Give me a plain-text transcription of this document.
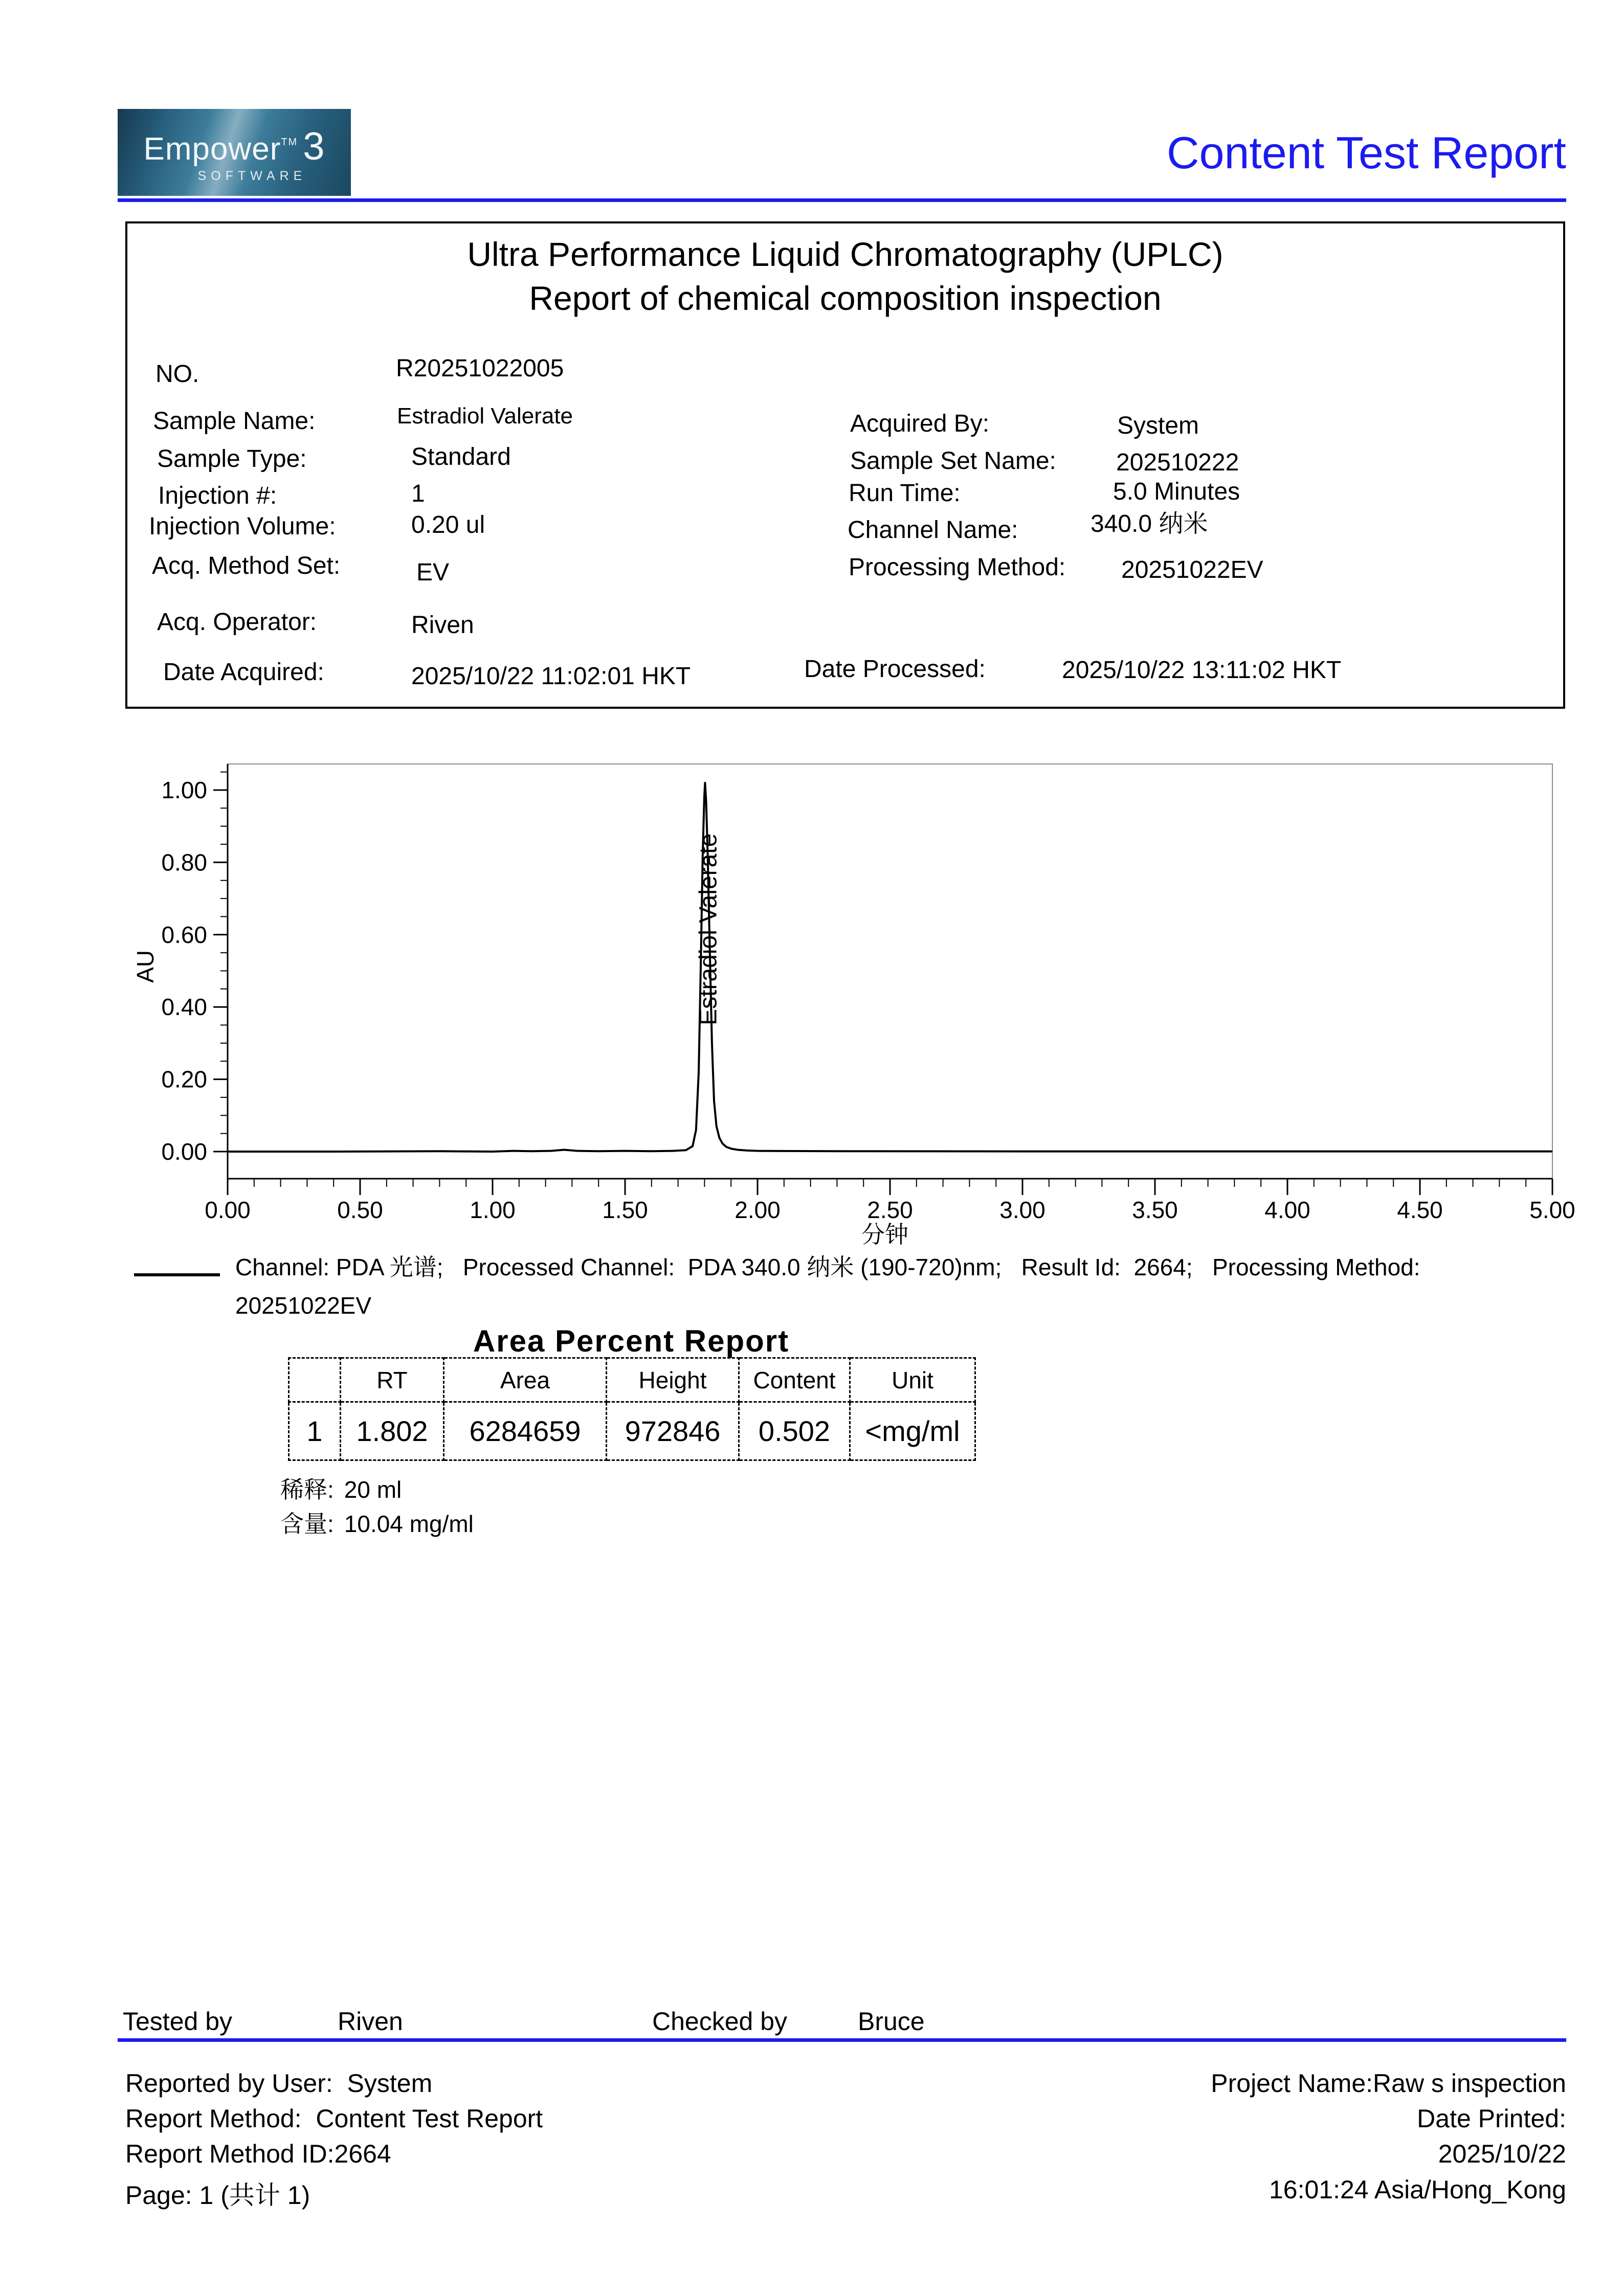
Empower™ 3
SOFTWARE	Content Test Report
Ultra Performance Liquid Chromatography (UPLC)
Report of chemical composition inspection
NO.	R20251022005
Sample Name:	Estradiol Valerate
Sample Type:	Standard
Injection #:	1
Injection Volume:	0.20 ul
Acq. Method Set:	EV
Acq. Operator:	Riven
Date Acquired:	2025/10/22 11:02:01 HKT
Acquired By:	System
Sample Set Name: 202510222
Run Time:	5.0 Minutes
Channel Name:	340.0 纳米
Processing Method: 20251022EV
Date Processed:	2025/10/22 13:11:02 HKT
0.00	0.50	1.00	1.50	2.00	2.50	3.00	3.50	4.00	4.50	5.00
0.00
0.20
0.40
0.60
0.80
1.00
AU
分钟
Estradiol Valerate
Channel: PDA 光谱;   Processed Channel:  PDA 340.0 纳米 (190-720)nm;   Result Id:  2664;   Processing Method:
20251022EV
Area Percent Report
	RT	Area	Height	Content	Unit
1	1.802	6284659	972846	0.502	<mg/ml
稀释: 20 ml
含量: 10.04 mg/ml
Tested by	Riven	Checked by	Bruce
Reported by User:  System
Report Method:  Content Test Report
Report Method ID:2664
Page: 1 (共计 1)
Project Name:Raw s inspection
Date Printed:
2025/10/22
16:01:24 Asia/Hong_Kong
